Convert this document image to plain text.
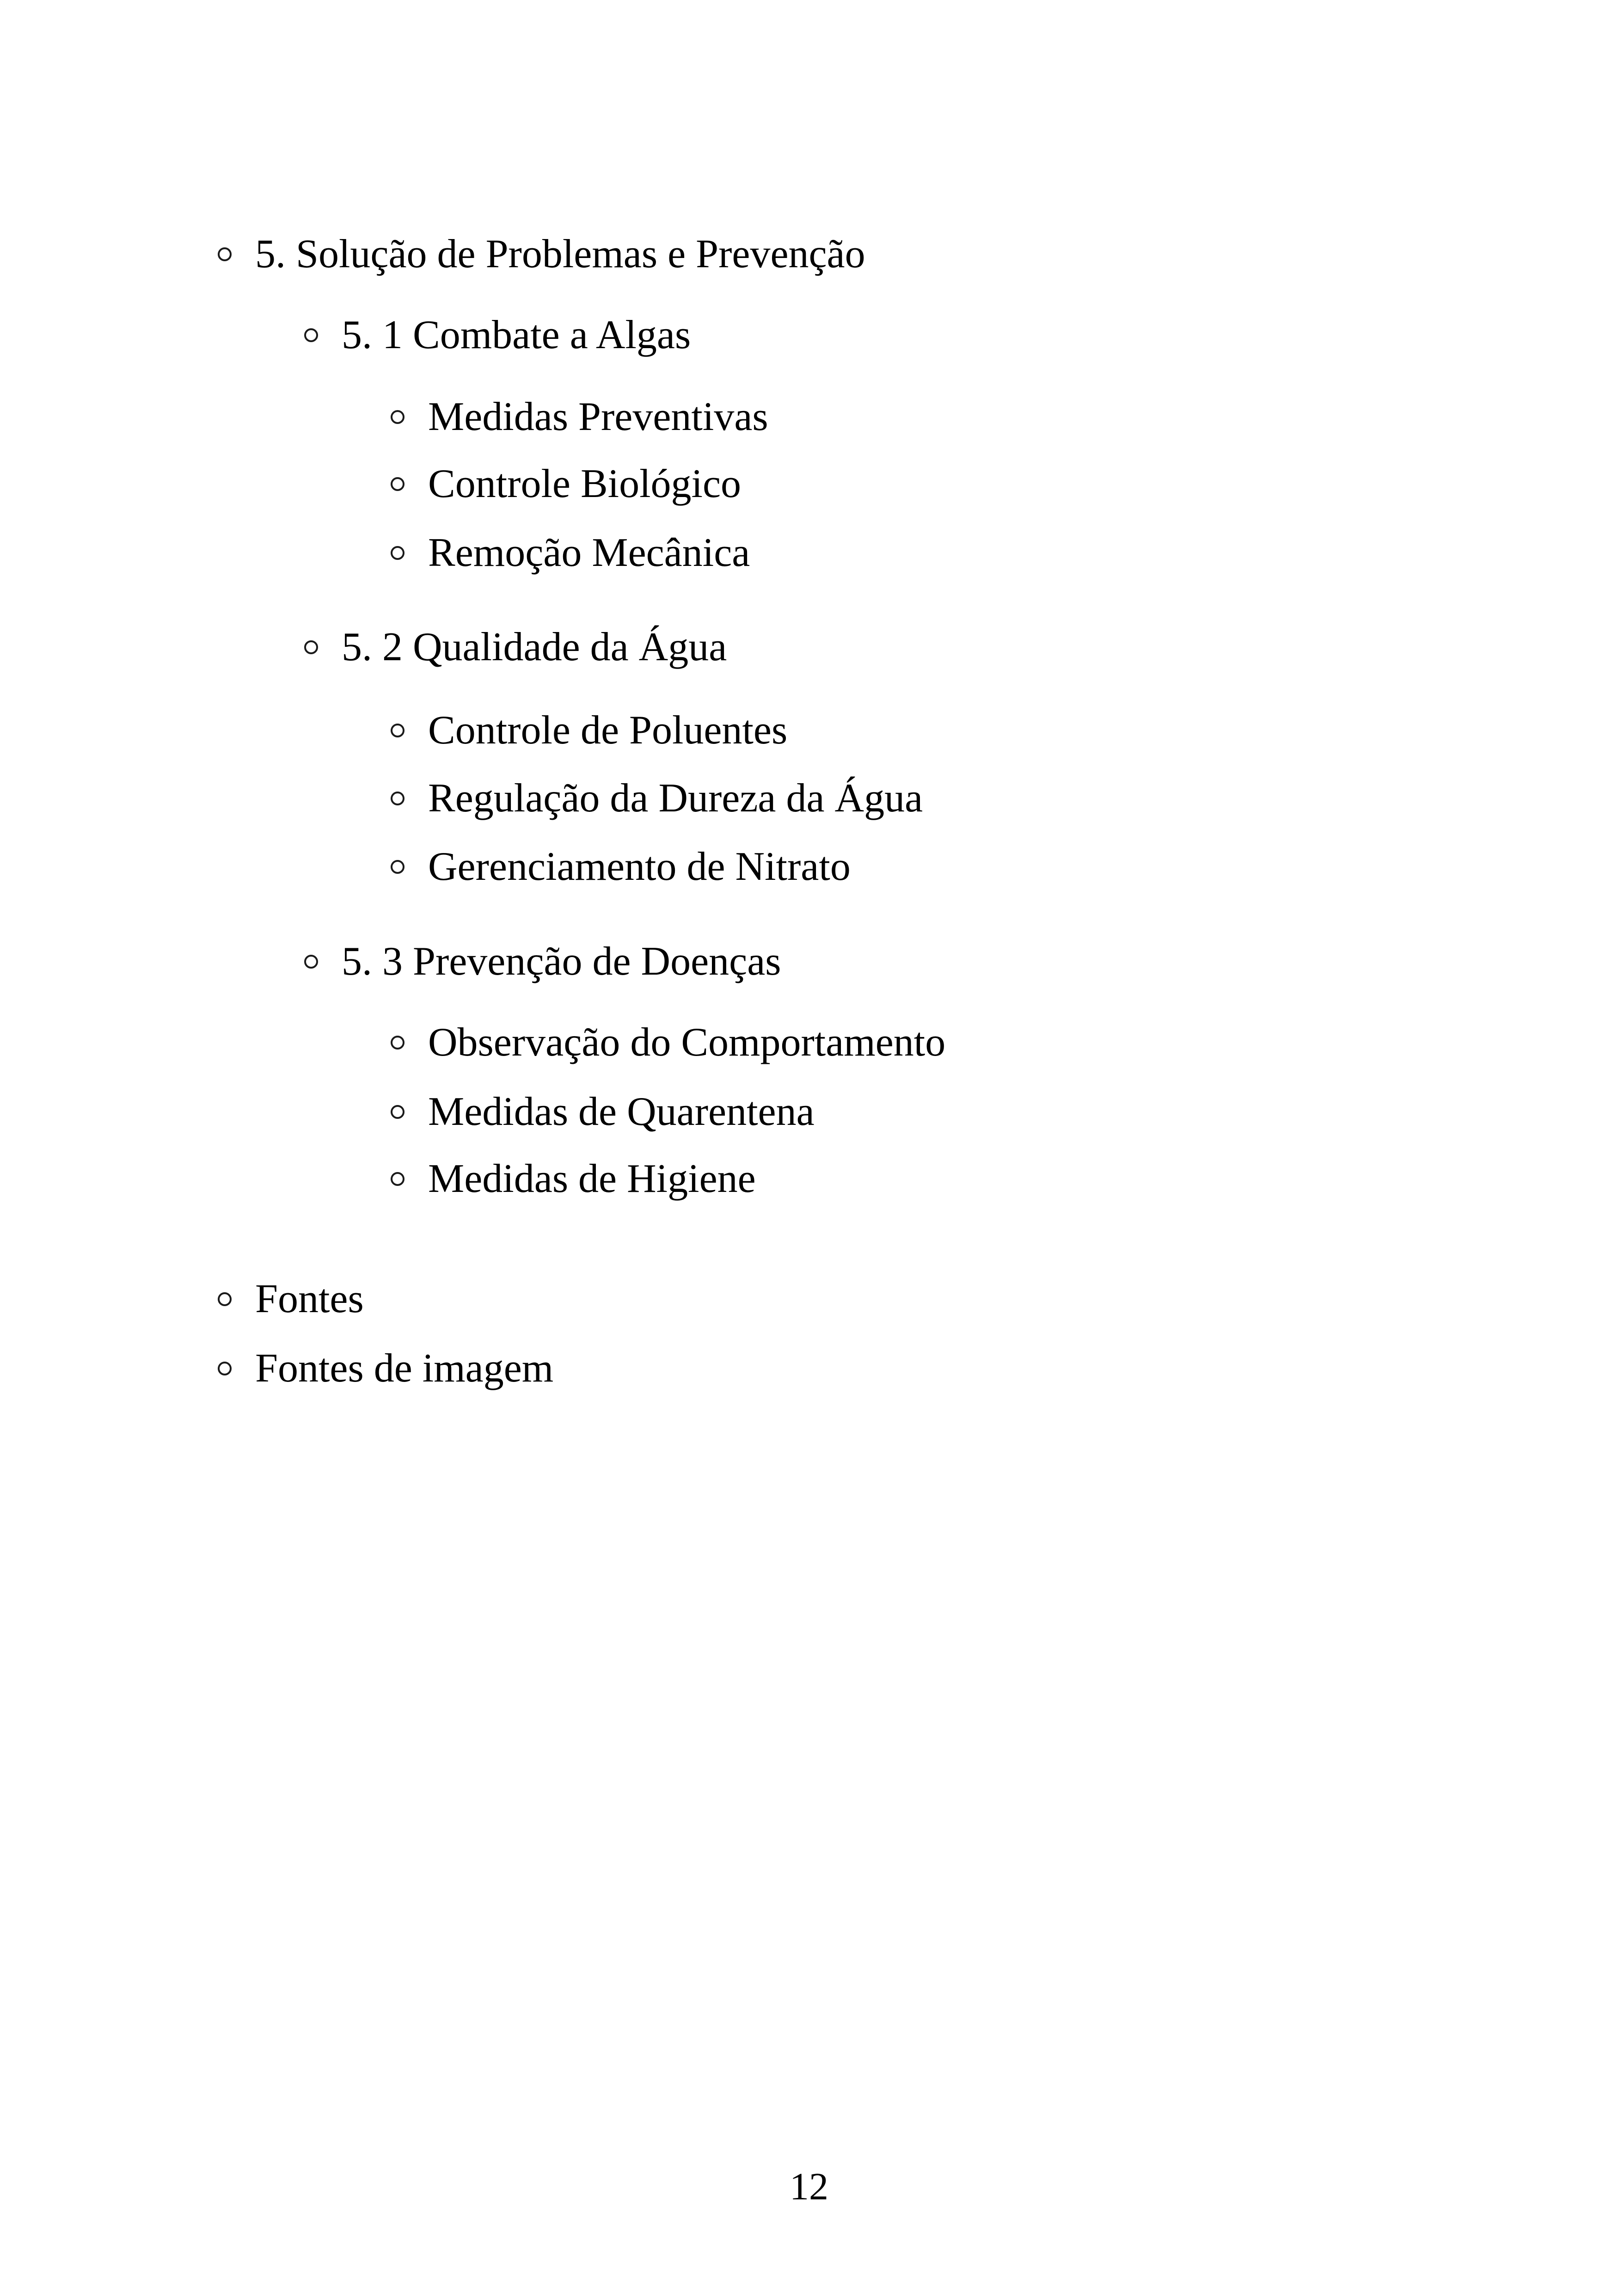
5. Solução de Problemas e Prevenção
5. 1 Combate a Algas
Medidas Preventivas
Controle Biológico
Remoção Mecânica
5. 2 Qualidade da Água
Controle de Poluentes
Regulação da Dureza da Água
Gerenciamento de Nitrato
5. 3 Prevenção de Doenças
Observação do Comportamento
Medidas de Quarentena
Medidas de Higiene
Fontes
Fontes de imagem
12
